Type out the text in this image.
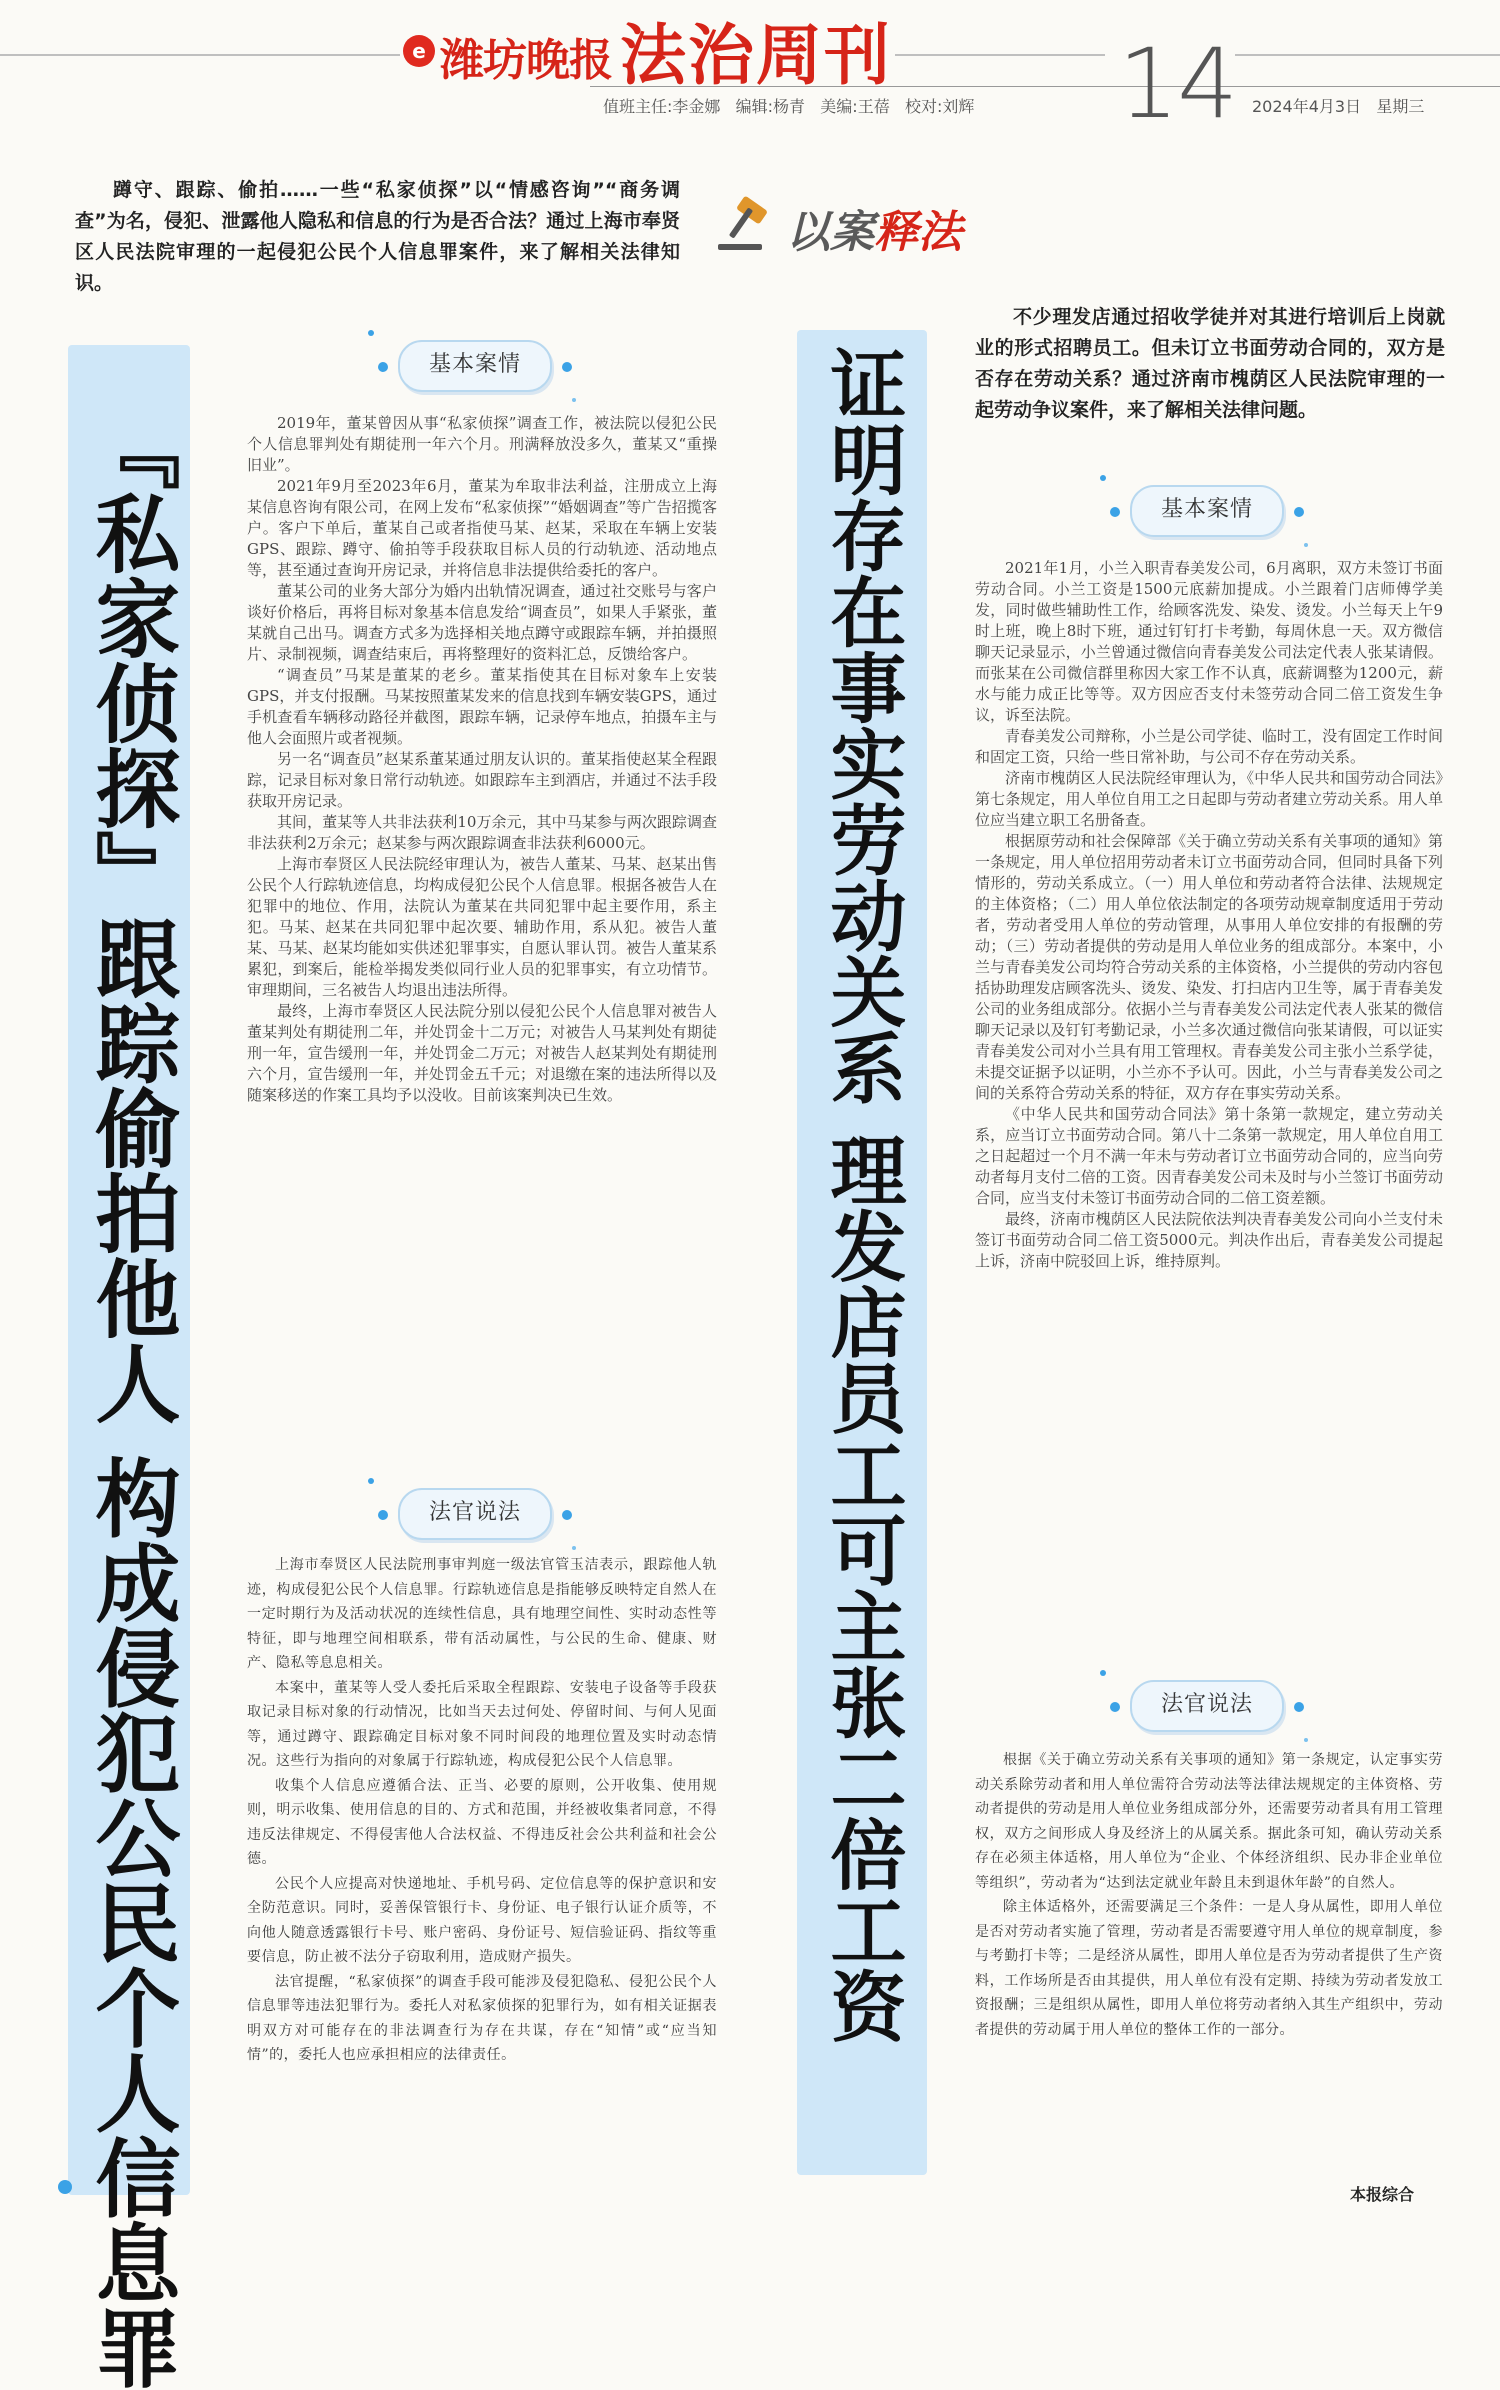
e 潍坊晚报 法治周刊 14
值班主任:李金娜   编辑:杨青   美编:王蓓   校对:刘辉	2024年4月3日   星期三
蹲守、跟踪、偷拍……一些“私家侦探”以“情感咨询”“商务调查”为名，侵犯、泄露他人隐私和信息的行为是否合法？通过上海市奉贤区人民法院审理的一起侵犯公民个人信息罪案件，来了解相关法律知识。
以案释法
不少理发店通过招收学徒并对其进行培训后上岗就业的形式招聘员工。但未订立书面劳动合同的，双方是否存在劳动关系？通过济南市槐荫区人民法院审理的一起劳动争议案件，来了解相关法律问题。
『私家侦探』跟踪偷拍他人 构成侵犯公民个人信息罪	证明存在事实劳动关系 理发店员工可主张二倍工资
基本案情
法官说法
基本案情
法官说法

2019年，董某曾因从事“私家侦探”调查工作，被法院以侵犯公民个人信息罪判处有期徒刑一年六个月。刑满释放没多久，董某又“重操旧业”。

2021年9月至2023年6月，董某为牟取非法利益，注册成立上海某信息咨询有限公司，在网上发布“私家侦探”“婚姻调查”等广告招揽客户。客户下单后，董某自己或者指使马某、赵某，采取在车辆上安装GPS、跟踪、蹲守、偷拍等手段获取目标人员的行动轨迹、活动地点等，甚至通过查询开房记录，并将信息非法提供给委托的客户。

董某公司的业务大部分为婚内出轨情况调查，通过社交账号与客户谈好价格后，再将目标对象基本信息发给“调查员”，如果人手紧张，董某就自己出马。调查方式多为选择相关地点蹲守或跟踪车辆，并拍摄照片、录制视频，调查结束后，再将整理好的资料汇总，反馈给客户。

“调查员”马某是董某的老乡。董某指使其在目标对象车上安装GPS，并支付报酬。马某按照董某发来的信息找到车辆安装GPS，通过手机查看车辆移动路径并截图，跟踪车辆，记录停车地点，拍摄车主与他人会面照片或者视频。

另一名“调查员”赵某系董某通过朋友认识的。董某指使赵某全程跟踪，记录目标对象日常行动轨迹。如跟踪车主到酒店，并通过不法手段获取开房记录。

其间，董某等人共非法获利10万余元，其中马某参与两次跟踪调查非法获利2万余元；赵某参与两次跟踪调查非法获利6000元。

上海市奉贤区人民法院经审理认为，被告人董某、马某、赵某出售公民个人行踪轨迹信息，均构成侵犯公民个人信息罪。根据各被告人在犯罪中的地位、作用，法院认为董某在共同犯罪中起主要作用，系主犯。马某、赵某在共同犯罪中起次要、辅助作用，系从犯。被告人董某、马某、赵某均能如实供述犯罪事实，自愿认罪认罚。被告人董某系累犯，到案后，能检举揭发类似同行业人员的犯罪事实，有立功情节。审理期间，三名被告人均退出违法所得。

最终，上海市奉贤区人民法院分别以侵犯公民个人信息罪对被告人董某判处有期徒刑二年，并处罚金十二万元；对被告人马某判处有期徒刑一年，宣告缓刑一年，并处罚金二万元；对被告人赵某判处有期徒刑六个月，宣告缓刑一年，并处罚金五千元；对退缴在案的违法所得以及随案移送的作案工具均予以没收。目前该案判决已生效。

上海市奉贤区人民法院刑事审判庭一级法官管玉洁表示，跟踪他人轨迹，构成侵犯公民个人信息罪。行踪轨迹信息是指能够反映特定自然人在一定时期行为及活动状况的连续性信息，具有地理空间性、实时动态性等特征，即与地理空间相联系，带有活动属性，与公民的生命、健康、财产、隐私等息息相关。

本案中，董某等人受人委托后采取全程跟踪、安装电子设备等手段获取记录目标对象的行动情况，比如当天去过何处、停留时间、与何人见面等，通过蹲守、跟踪确定目标对象不同时间段的地理位置及实时动态情况。这些行为指向的对象属于行踪轨迹，构成侵犯公民个人信息罪。

收集个人信息应遵循合法、正当、必要的原则，公开收集、使用规则，明示收集、使用信息的目的、方式和范围，并经被收集者同意，不得违反法律规定、不得侵害他人合法权益、不得违反社会公共利益和社会公德。

公民个人应提高对快递地址、手机号码、定位信息等的保护意识和安全防范意识。同时，妥善保管银行卡、身份证、电子银行认证介质等，不向他人随意透露银行卡号、账户密码、身份证号、短信验证码、指纹等重要信息，防止被不法分子窃取利用，造成财产损失。

法官提醒，“私家侦探”的调查手段可能涉及侵犯隐私、侵犯公民个人信息罪等违法犯罪行为。委托人对私家侦探的犯罪行为，如有相关证据表明双方对可能存在的非法调查行为存在共谋，存在“知情”或“应当知情”的，委托人也应承担相应的法律责任。

2021年1月，小兰入职青春美发公司，6月离职，双方未签订书面劳动合同。小兰工资是1500元底薪加提成。小兰跟着门店师傅学美发，同时做些辅助性工作，给顾客洗发、染发、烫发。小兰每天上午9时上班，晚上8时下班，通过钉钉打卡考勤，每周休息一天。双方微信聊天记录显示，小兰曾通过微信向青春美发公司法定代表人张某请假。而张某在公司微信群里称因大家工作不认真，底薪调整为1200元，薪水与能力成正比等等。双方因应否支付未签劳动合同二倍工资发生争议，诉至法院。

青春美发公司辩称，小兰是公司学徒、临时工，没有固定工作时间和固定工资，只给一些日常补助，与公司不存在劳动关系。

济南市槐荫区人民法院经审理认为，《中华人民共和国劳动合同法》第七条规定，用人单位自用工之日起即与劳动者建立劳动关系。用人单位应当建立职工名册备查。

根据原劳动和社会保障部《关于确立劳动关系有关事项的通知》第一条规定，用人单位招用劳动者未订立书面劳动合同，但同时具备下列情形的，劳动关系成立。（一）用人单位和劳动者符合法律、法规规定的主体资格；（二）用人单位依法制定的各项劳动规章制度适用于劳动者，劳动者受用人单位的劳动管理，从事用人单位安排的有报酬的劳动；（三）劳动者提供的劳动是用人单位业务的组成部分。本案中，小兰与青春美发公司均符合劳动关系的主体资格，小兰提供的劳动内容包括协助理发店顾客洗头、烫发、染发、打扫店内卫生等，属于青春美发公司的业务组成部分。依据小兰与青春美发公司法定代表人张某的微信聊天记录以及钉钉考勤记录，小兰多次通过微信向张某请假，可以证实青春美发公司对小兰具有用工管理权。青春美发公司主张小兰系学徒，未提交证据予以证明，小兰亦不予认可。因此，小兰与青春美发公司之间的关系符合劳动关系的特征，双方存在事实劳动关系。

《中华人民共和国劳动合同法》第十条第一款规定，建立劳动关系，应当订立书面劳动合同。第八十二条第一款规定，用人单位自用工之日起超过一个月不满一年未与劳动者订立书面劳动合同的，应当向劳动者每月支付二倍的工资。因青春美发公司未及时与小兰签订书面劳动合同，应当支付未签订书面劳动合同的二倍工资差额。

最终，济南市槐荫区人民法院依法判决青春美发公司向小兰支付未签订书面劳动合同二倍工资5000元。判决作出后，青春美发公司提起上诉，济南中院驳回上诉，维持原判。

根据《关于确立劳动关系有关事项的通知》第一条规定，认定事实劳动关系除劳动者和用人单位需符合劳动法等法律法规规定的主体资格、劳动者提供的劳动是用人单位业务组成部分外，还需要劳动者具有用工管理权，双方之间形成人身及经济上的从属关系。据此条可知，确认劳动关系存在必须主体适格，用人单位为“企业、个体经济组织、民办非企业单位等组织”，劳动者为“达到法定就业年龄且未到退休年龄”的自然人。

除主体适格外，还需要满足三个条件：一是人身从属性，即用人单位是否对劳动者实施了管理，劳动者是否需要遵守用人单位的规章制度，参与考勤打卡等；二是经济从属性，即用人单位是否为劳动者提供了生产资料，工作场所是否由其提供，用人单位有没有定期、持续为劳动者发放工资报酬；三是组织从属性，即用人单位将劳动者纳入其生产组织中，劳动者提供的劳动属于用人单位的整体工作的一部分。

本报综合
